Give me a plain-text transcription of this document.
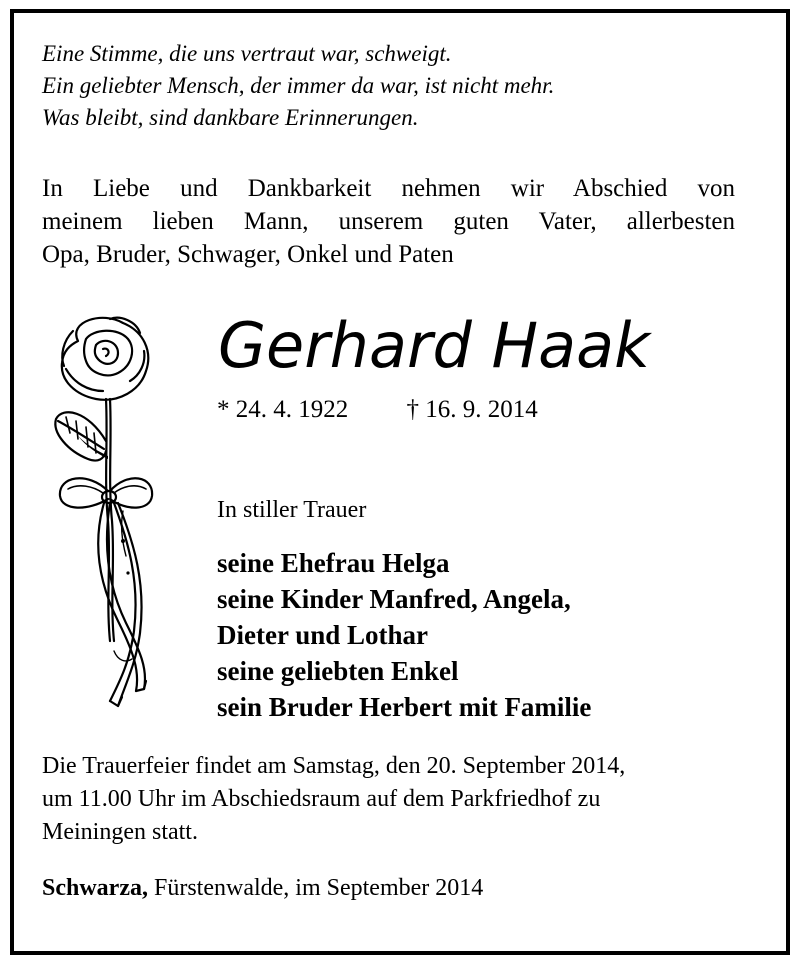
Eine Stimme, die uns vertraut war, schweigt.
Ein geliebter Mensch, der immer da war, ist nicht mehr.
Was bleibt, sind dankbare Erinnerungen.
In Liebe und Dankbarkeit nehmen wir Abschied von
meinem lieben Mann, unserem guten Vater, allerbesten
Opa, Bruder, Schwager, Onkel und Paten
Gerhard Haak
* 24. 4. 1922 † 16. 9. 2014
In stiller Trauer
seine Ehefrau Helga
seine Kinder Manfred, Angela,
Dieter und Lothar
seine geliebten Enkel
sein Bruder Herbert mit Familie
Die Trauerfeier findet am Samstag, den 20. September 2014,
um 11.00 Uhr im Abschiedsraum auf dem Parkfriedhof zu
Meiningen statt.
Schwarza, Fürstenwalde, im September 2014
